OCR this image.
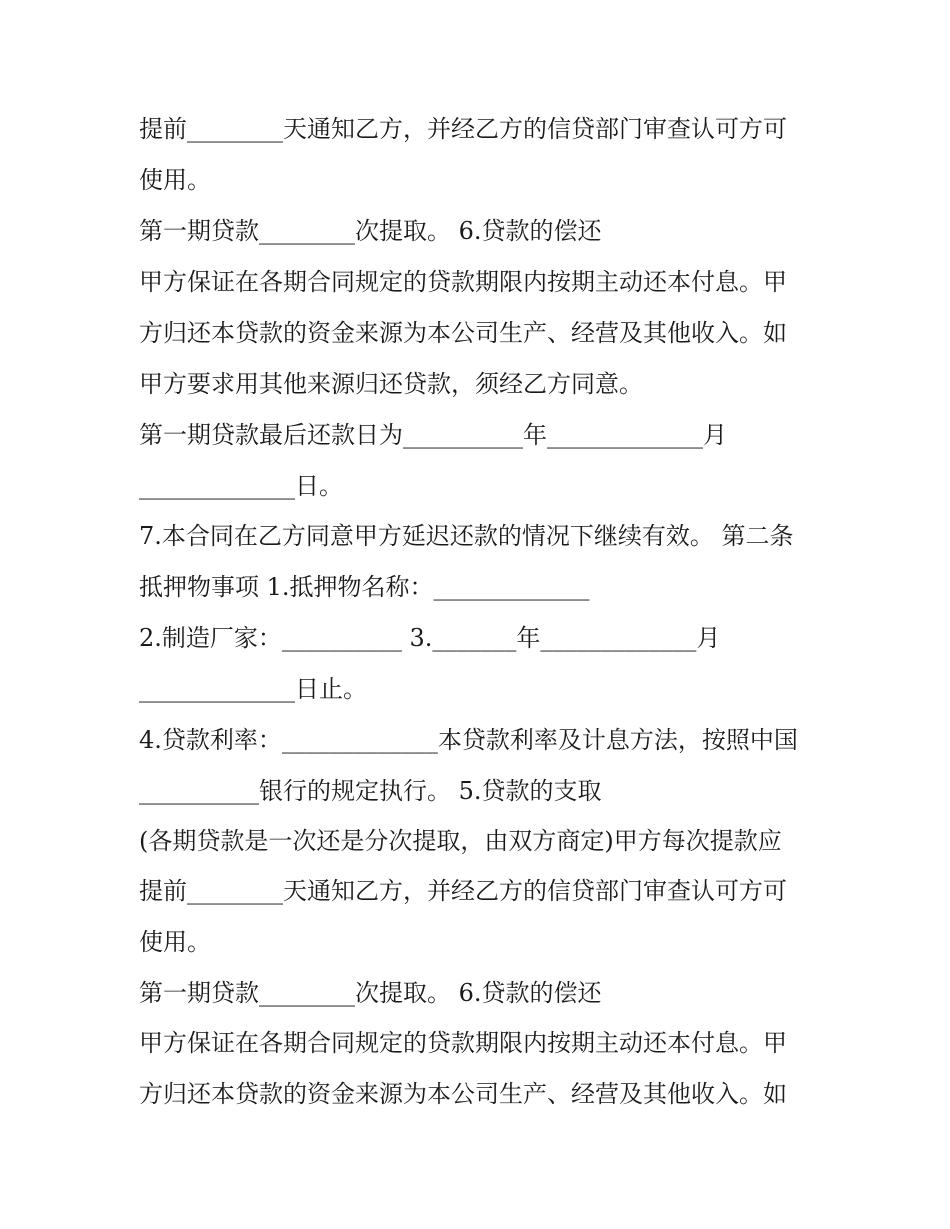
提前________天通知乙方，并经乙方的信贷部门审查认可方可
使用。
第一期贷款________次提取。 6.贷款的偿还
甲方保证在各期合同规定的贷款期限内按期主动还本付息。甲
方归还本贷款的资金来源为本公司生产、经营及其他收入。如
甲方要求用其他来源归还贷款，须经乙方同意。
第一期贷款最后还款日为__________年_____________月
_____________日。
7.本合同在乙方同意甲方延迟还款的情况下继续有效。 第二条
抵押物事项 1.抵押物名称：_____________
2.制造厂家：__________ 3._______年_____________月
_____________日止。
4.贷款利率：_____________本贷款利率及计息方法，按照中国
__________银行的规定执行。 5.贷款的支取
(各期贷款是一次还是分次提取，由双方商定)甲方每次提款应
提前________天通知乙方，并经乙方的信贷部门审查认可方可
使用。
第一期贷款________次提取。 6.贷款的偿还
甲方保证在各期合同规定的贷款期限内按期主动还本付息。甲
方归还本贷款的资金来源为本公司生产、经营及其他收入。如
